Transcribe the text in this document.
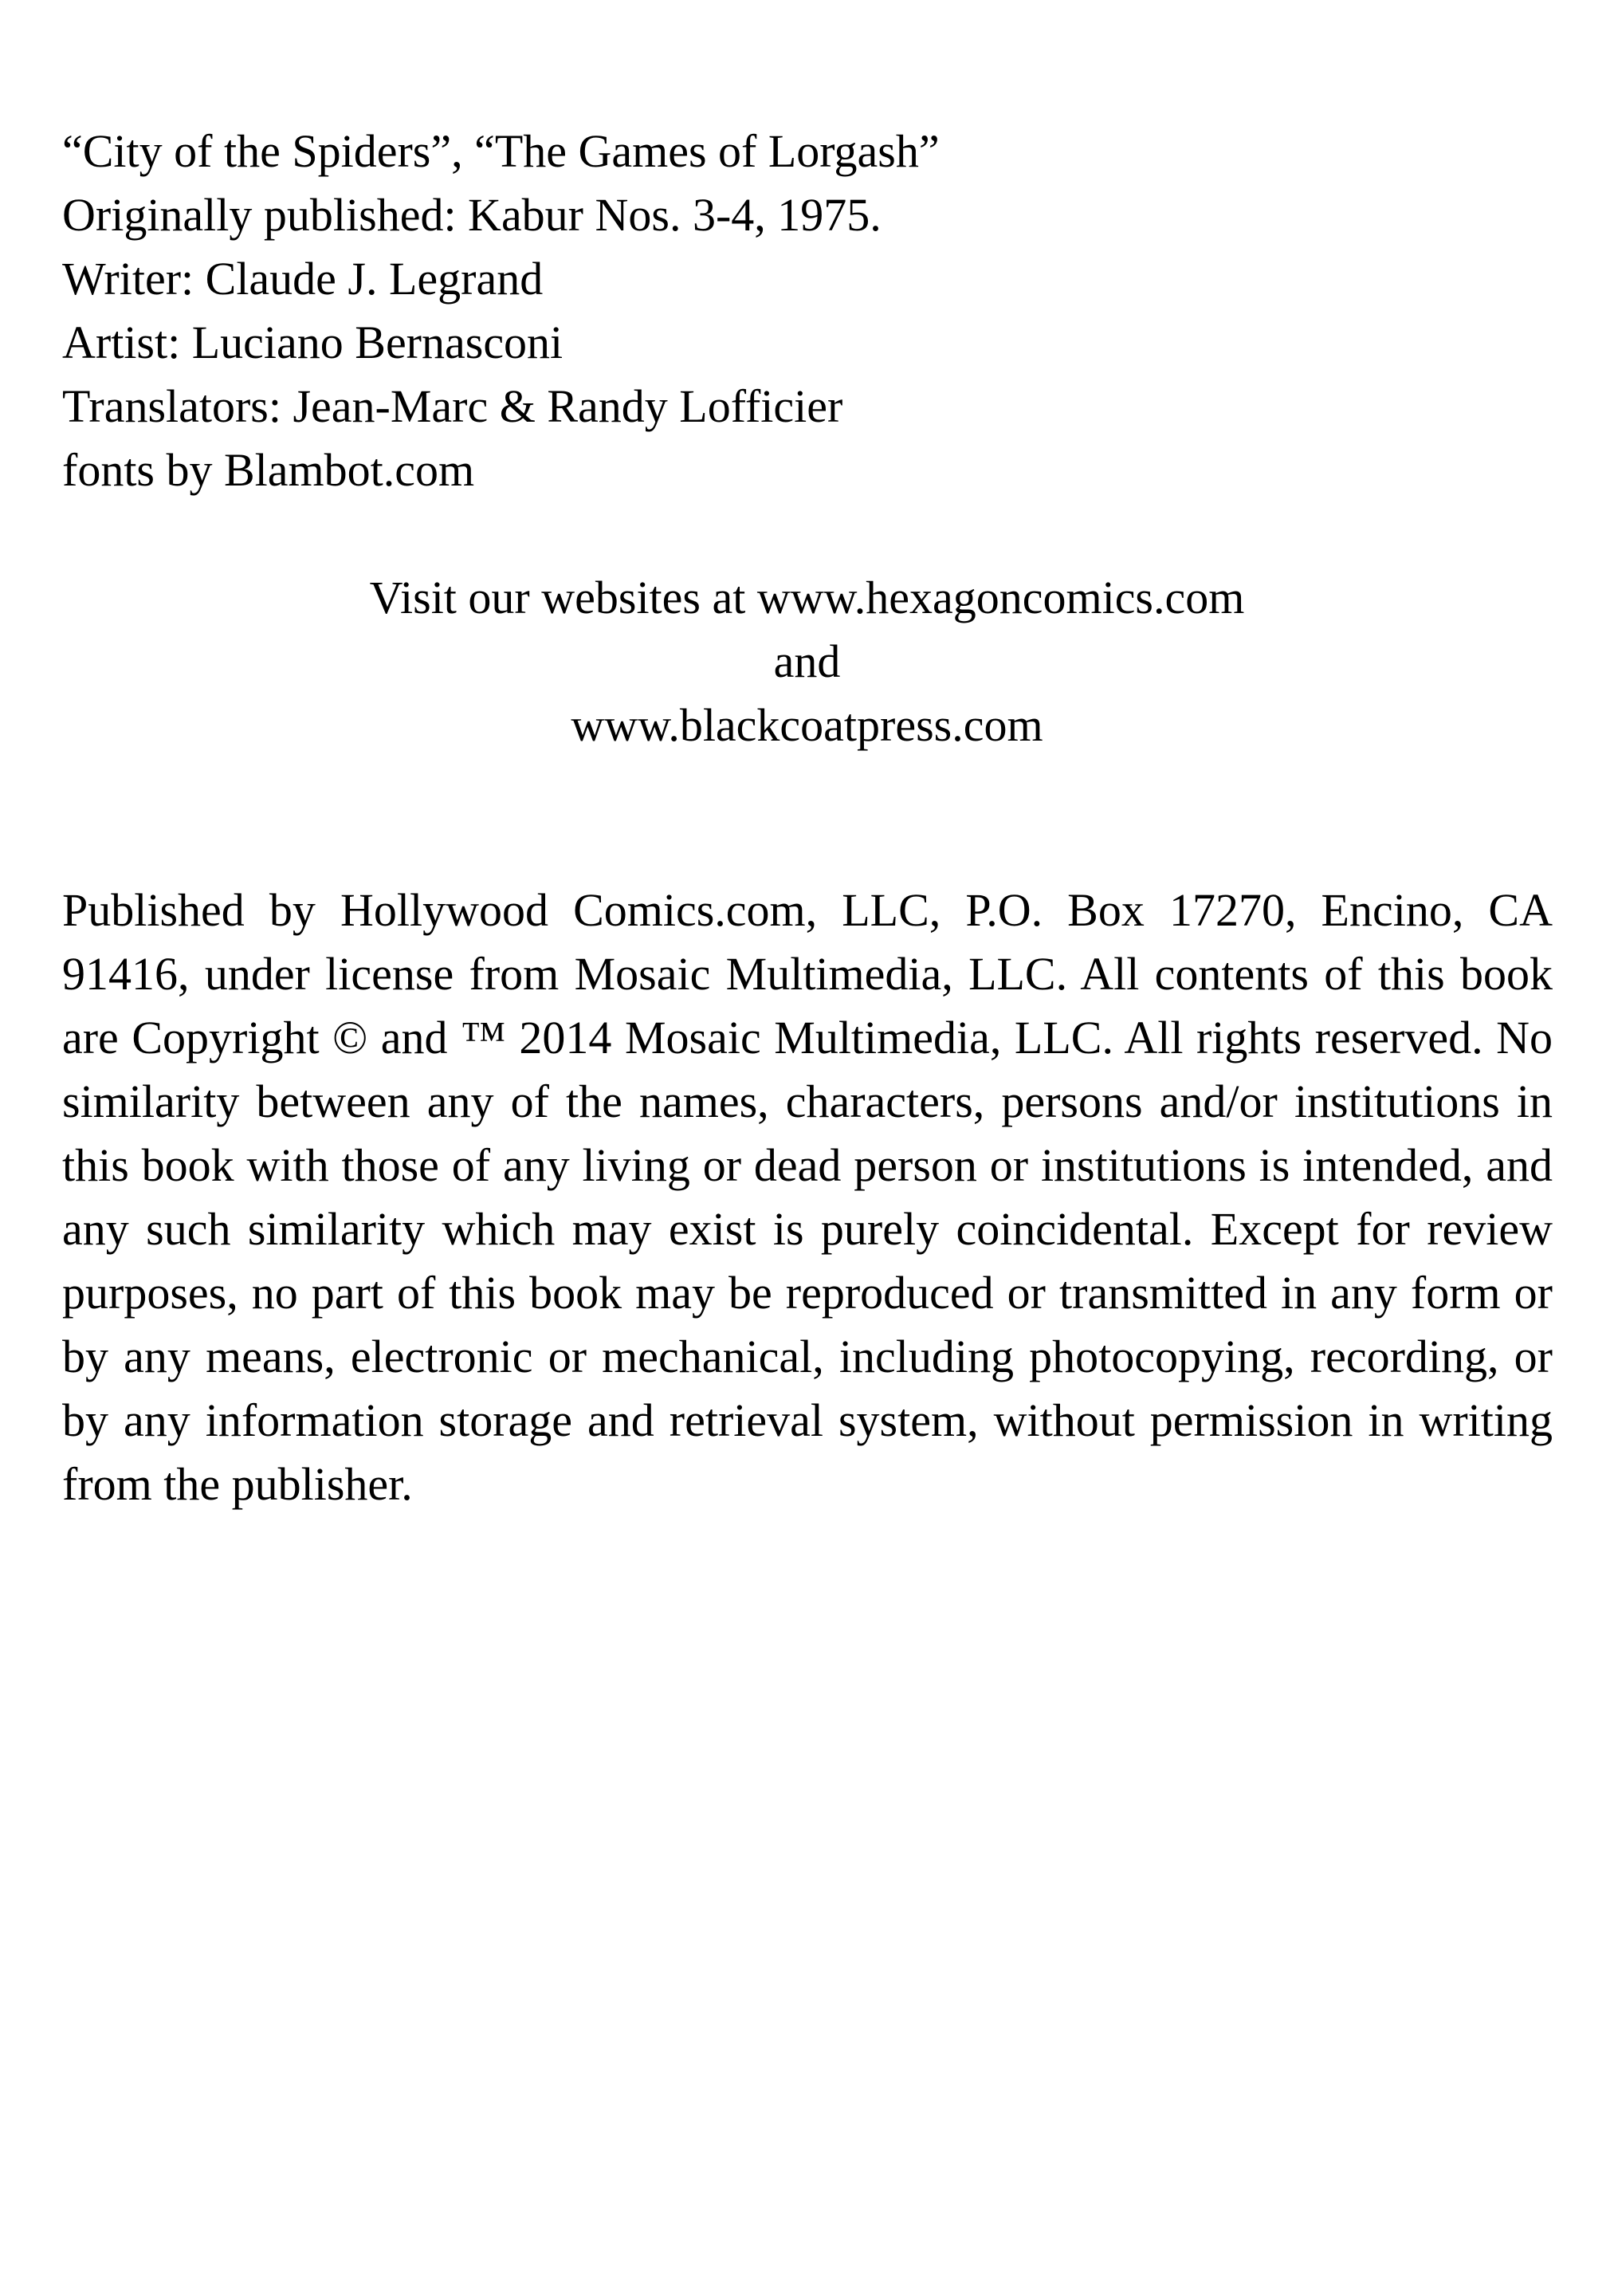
“City of the Spiders”, “The Games of Lorgash”
Originally published: Kabur Nos. 3-4, 1975.
Writer: Claude J. Legrand
Artist: Luciano Bernasconi
Translators: Jean-Marc & Randy Lofficier
fonts by Blambot.com
Visit our websites at www.hexagoncomics.com
and
www.blackcoatpress.com
Published by Hollywood Comics.com, LLC, P.O. Box 17270, Encino, CA 91416, under license from Mosaic Multimedia, LLC. All contents of this book are Copyright © and ™ 2014 Mosaic Multimedia, LLC. All rights reserved. No similarity between any of the names, characters, persons and/or institutions in this book with those of any living or dead person or institutions is intended, and any such similarity which may exist is purely coincidental. Except for review purposes, no part of this book may be reproduced or transmitted in any form or by any means, electronic or mechanical, including photocopying, recording, or by any information storage and retrieval system, without permission in writing from the publisher.
